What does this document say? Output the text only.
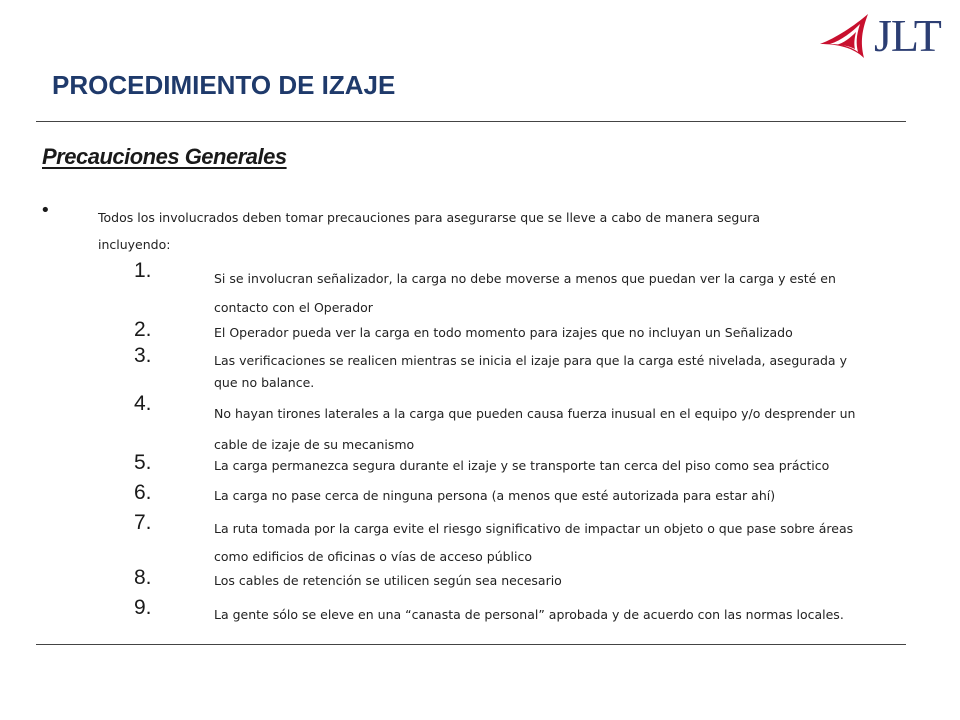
JLT
PROCEDIMIENTO DE IZAJE
Precauciones Generales
•	Todos los involucrados deben tomar precauciones para asegurarse que se lleve a cabo de manera segura incluyendo:
1.	Si se involucran señalizador, la carga no debe moverse a menos que puedan ver la carga y esté en contacto con el Operador
2.	El Operador pueda ver la carga en todo momento para izajes que no incluyan un Señalizado
3.	Las verificaciones se realicen mientras se inicia el izaje para que la carga esté nivelada, asegurada y que no balance.
4.	No hayan tirones laterales a la carga que pueden causa fuerza inusual en el equipo y/o desprender un cable de izaje de su mecanismo
5.	La carga permanezca segura durante el izaje y se transporte tan cerca del piso como sea práctico
6.	La carga no pase cerca de ninguna persona (a menos que esté autorizada para estar ahí)
7.	La ruta tomada por la carga evite el riesgo significativo de impactar un objeto o que pase sobre áreas como edificios de oficinas o vías de acceso público
8.	Los cables de retención se utilicen según sea necesario
9.	La gente sólo se eleve en una “canasta de personal” aprobada y de acuerdo con las normas locales.
